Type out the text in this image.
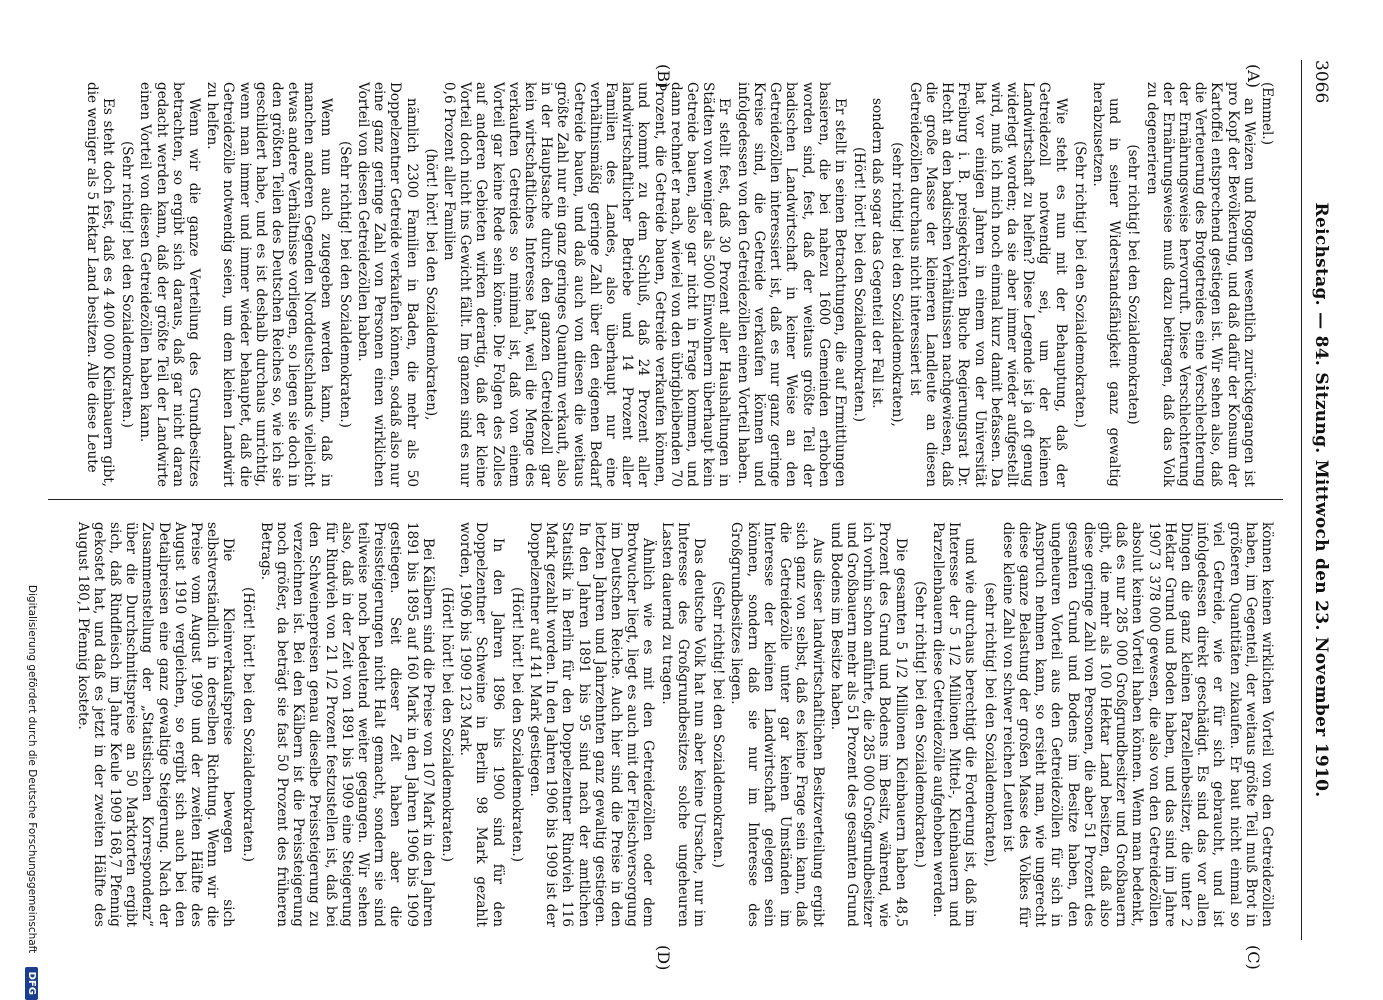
3066
Reichstag. — 84. Sitzung. Mittwoch den 23. November 1910.
(A)
(B)
(C)
(D)

(Emmel.)

an Weizen und Roggen wesentlich zurückgegangen ist pro Kopf der Bevölkerung, und daß dafür der Konsum der Kartoffel entsprechend gestiegen ist. Wir sehen also, daß die Verteuerung des Brotgetreides eine Verschlechterung der Ernährungsweise hervorruft. Diese Verschlechterung der Ernährungsweise muß dazu beitragen, daß das Volk zu degenerieren

(sehr richtig! bei den Sozialdemokraten)

und in seiner Widerstandsfähigkeit ganz gewaltig herabzusetzen.

(Sehr richtig! bei den Sozialdemokraten.)

Wie steht es nun mit der Behauptung, daß der Getreidezoll notwendig sei, um der kleinen Landwirtschaft zu helfen? Diese Legende ist ja oft genug widerlegt worden; da sie aber immer wieder aufgestellt wird, muß ich mich noch einmal kurz damit befassen. Da hat vor einigen Jahren in einem von der Universität Freiburg i. B. preisgekrönten Buche Regierungsrat Dr. Hecht an den badischen Verhältnissen nachgewiesen, daß die große Masse der kleineren Landleute an diesen Getreidezöllen durchaus nicht interessiert ist

(sehr richtig! bei den Sozialdemokraten),

sondern daß sogar das Gegenteil der Fall ist.

(Hört! hört! bei den Sozialdemokraten.)

Er stellt in seinen Betrachtungen, die auf Ermittlungen basieren, die bei nahezu 1600 Gemeinden erhoben worden sind, fest, daß der weitaus größte Teil der badischen Landwirtschaft in keiner Weise an den Getreidezöllen interessiert ist, daß es nur ganz geringe Kreise sind, die Getreide verkaufen können und infolgedessen von den Getreidezöllen einen Vorteil haben.

Er stellt fest, daß 30 Prozent aller Haushaltungen in Städten von weniger als 5000 Einwohnern überhaupt kein Getreide bauen, also gar nicht in Frage kommen, und dann rechnet er nach, wieviel von den übrigbleibenden 70 Prozent, die Getreide bauen, Getreide verkaufen können, und kommt zu dem Schluß, daß 24 Prozent aller landwirtschaftlicher Betriebe und 14 Prozent aller Familien des Landes, also überhaupt nur eine verhältnismäßig geringe Zahl über den eigenen Bedarf Getreide bauen, und daß auch von diesen die weitaus größte Zahl nur ein ganz geringes Quantum verkauft, also in der Hauptsache durch den ganzen Getreidezoll gar kein wirtschaftliches Interesse hat, weil die Menge des verkauften Getreides so minimal ist, daß von einem Vorteil gar keine Rede sein könne. Die Folgen des Zolles auf anderen Gebieten wirken derartig, daß der kleine Vorteil doch nicht ins Gewicht fällt. Im ganzen sind es nur 0,6 Prozent aller Familien

(hört! hört! bei den Sozialdemokraten),

nämlich 2300 Familien in Baden, die mehr als 50 Doppelzentner Getreide verkaufen können, sodaß also nur eine ganz geringe Zahl von Personen einen wirklichen Vorteil von diesen Getreidezöllen haben.

(Sehr richtig! bei den Sozialdemokraten.)

Wenn nun auch zugegeben werden kann, daß in manchen anderen Gegenden Norddeutschlands vielleicht etwas andere Verhältnisse vorliegen, so liegen sie doch in den größten Teilen des Deutschen Reiches so, wie ich sie geschildert habe, und es ist deshalb durchaus unrichtig, wenn man immer und immer wieder behauptet, daß die Getreidezölle notwendig seien, um dem kleinen Landwirt zu helfen.

Wenn wir die ganze Verteilung des Grundbesitzes betrachten, so ergibt sich daraus, daß gar nicht daran gedacht werden kann, daß der größte Teil der Landwirte einen Vorteil von diesen Getreidezöllen haben kann.

(Sehr richtig! bei den Sozialdemokraten.)

Es steht doch fest, daß es 4 400 000 Kleinbauern gibt, die weniger als 5 Hektar Land besitzen. Alle diese Leute

können keinen wirklichen Vorteil von den Getreidezöllen haben, im Gegenteil, der weitaus größte Teil muß Brot in größeren Quantitäten zukaufen. Er baut nicht einmal so viel Getreide, wie er für sich gebraucht, und ist infolgedessen direkt geschädigt. Es sind das vor allen Dingen die ganz kleinen Parzellenbesitzer, die unter 2 Hektar Grund und Boden haben, und das sind im Jahre 1907 3 378 000 gewesen, die also von den Getreidezöllen absolut keinen Vorteil haben können. Wenn man bedenkt, daß es nur 285 000 Großgrundbesitzer und Großbauern gibt, die mehr als 100 Hektar Land besitzen, daß also diese geringe Zahl von Personen, die aber 51 Prozent des gesamten Grund und Bodens im Besitze haben, den ungeheuren Vorteil aus den Getreidezöllen für sich in Anspruch nehmen kann, so ersieht man, wie ungerecht diese ganze Belastung der großen Masse des Volkes für diese kleine Zahl von schwer reichen Leuten ist

(sehr richtig! bei den Sozialdemokraten),

und wie durchaus berechtigt die Forderung ist, daß im Interesse der 5 1/2 Millionen Mittel-, Kleinbauern und Parzellenbauern diese Getreidezölle aufgehoben werden.

(Sehr richtig! bei den Sozialdemokraten.)

Die gesamten 5 1/2 Millionen Kleinbauern haben 48,5 Prozent des Grund und Bodens im Besitz, während, wie ich vorhin schon anführte, die 285 000 Großgrundbesitzer und Großbauern mehr als 51 Prozent des gesamten Grund und Bodens im Besitze haben.

Aus dieser landwirtschaftlichen Besitzverteilung ergibt sich ganz von selbst, daß es keine Frage sein kann, daß die Getreidezölle unter gar keinen Umständen im Interesse der kleinen Landwirtschaft gelegen sein können, sondern daß sie nur im Interesse des Großgrundbesitzes liegen.

(Sehr richtig! bei den Sozialdemokraten.)

Das deutsche Volk hat nun aber keine Ursache, nur im Interesse des Großgrundbesitzes solche ungeheuren Lasten dauernd zu tragen.

Ähnlich wie es mit den Getreidezöllen oder dem Brotwucher liegt, liegt es auch mit der Fleischversorgung im Deutschen Reiche. Auch hier sind die Preise in den letzten Jahren und Jahrzehnten ganz gewaltig gestiegen. In den Jahren 1891 bis 95 sind nach der amtlichen Statistik in Berlin für den Doppelzentner Rindvieh 116 Mark gezahlt worden. In den Jahren 1906 bis 1909 ist der Doppelzentner auf 141 Mark gestiegen.

(Hört! hört! bei den Sozialdemokraten.)

In den Jahren 1896 bis 1900 sind für den Doppelzentner Schweine in Berlin 98 Mark gezahlt worden, 1906 bis 1909 123 Mark.

(Hört! hört! bei den Sozialdemokraten.)

Bei Kälbern sind die Preise von 107 Mark in den Jahren 1891 bis 1895 auf 160 Mark in den Jahren 1906 bis 1909 gestiegen. Seit dieser Zeit haben aber die Preissteigerungen nicht Halt gemacht, sondern sie sind teilweise noch bedeutend weiter gegangen. Wir sehen also, daß in der Zeit von 1891 bis 1909 eine Steigerung für Rindvieh von 21 1/2 Prozent festzustellen ist, daß bei den Schweinepreisen genau dieselbe Preissteigerung zu verzeichnen ist. Bei den Kälbern ist die Preissteigerung noch größer, da beträgt sie fast 50 Prozent des früheren Betrags.

(Hört! hört! bei den Sozialdemokraten.)

Die Kleinverkaufspreise bewegen sich selbstverständlich in derselben Richtung. Wenn wir die Preise vom August 1909 und der zweiten Hälfte des August 1910 vergleichen, so ergibt sich auch bei den Detailpreisen eine ganz gewaltige Steigerung. Nach der Zusammenstellung der „Statistischen Korrespondenz“ über die Durchschnittspreise an 50 Marktorten ergibt sich, daß Rindfleisch im Jahre Keule 1909 168,7 Pfennig gekostet hat, und daß es jetzt in der zweiten Hälfte des August 180,1 Pfennig kostete.

Digitalisierung gefördert durch die Deutsche Forschungsgemeinschaft DFG
